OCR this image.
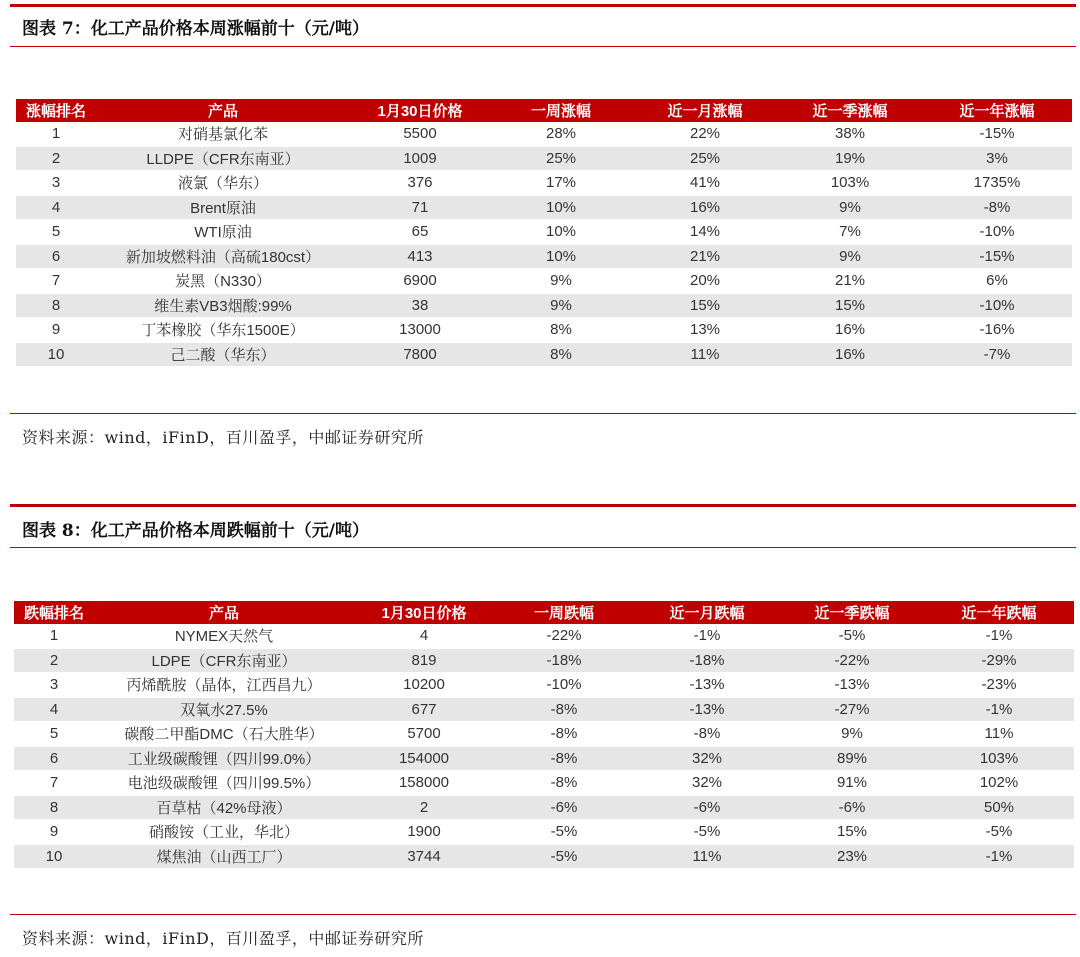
图表 7：化工产品价格本周涨幅前十（元/吨）
涨幅排名	产品	1月30日价格	一周涨幅	近一月涨幅	近一季涨幅	近一年涨幅
1	对硝基氯化苯	5500	28%	22%	38%	-15%
2	LLDPE（CFR东南亚）	1009	25%	25%	19%	3%
3	液氯（华东）	376	17%	41%	103%	1735%
4	Brent原油	71	10%	16%	9%	-8%
5	WTI原油	65	10%	14%	7%	-10%
6	新加坡燃料油（高硫180cst）	413	10%	21%	9%	-15%
7	炭黑（N330）	6900	9%	20%	21%	6%
8	维生素VB3烟酸:99%	38	9%	15%	15%	-10%
9	丁苯橡胶（华东1500E）	13000	8%	13%	16%	-16%
10	己二酸（华东）	7800	8%	11%	16%	-7%
资料来源：wind，iFinD，百川盈孚，中邮证券研究所
图表 8：化工产品价格本周跌幅前十（元/吨）
跌幅排名	产品	1月30日价格	一周跌幅	近一月跌幅	近一季跌幅	近一年跌幅
1	NYMEX天然气	4	-22%	-1%	-5%	-1%
2	LDPE（CFR东南亚）	819	-18%	-18%	-22%	-29%
3	丙烯酰胺（晶体，江西昌九）	10200	-10%	-13%	-13%	-23%
4	双氧水27.5%	677	-8%	-13%	-27%	-1%
5	碳酸二甲酯DMC（石大胜华）	5700	-8%	-8%	9%	11%
6	工业级碳酸锂（四川99.0%）	154000	-8%	32%	89%	103%
7	电池级碳酸锂（四川99.5%）	158000	-8%	32%	91%	102%
8	百草枯（42%母液）	2	-6%	-6%	-6%	50%
9	硝酸铵（工业，华北）	1900	-5%	-5%	15%	-5%
10	煤焦油（山西工厂）	3744	-5%	11%	23%	-1%
资料来源：wind，iFinD，百川盈孚，中邮证券研究所
